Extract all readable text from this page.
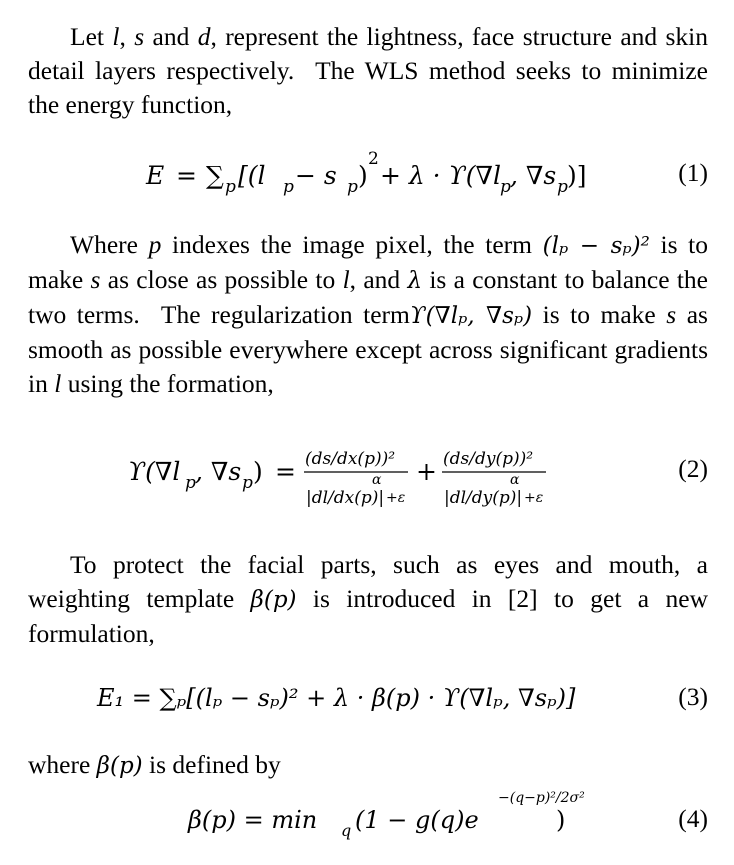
Let l, s and d, represent the lightness, face structure and skin detail layers respectively.  The WLS method seeks to minimize the energy function,

E = ∑ p [(l p − s p )
2
+ λ · ϒ(∇l p , ∇s p )]	(1)

Where p indexes the image pixel, the term (lₚ − sₚ)² is to make s as close as possible to l, and λ is a constant to balance the two terms.  The regularization termϒ(∇lₚ, ∇sₚ) is to make s as smooth as possible everywhere except across significant gradients in l using the formation,

ϒ(∇l p , ∇s p ) = (ds/dx(p))²
|dl/dx(p)|
α
+ε
+ (ds/dy(p))²
|dl/dy(p)|
α
+ε
(2)

To protect the facial parts, such as eyes and mouth, a weighting template β(p) is introduced in [2] to get a new formulation,

E₁ = ∑ₚ[(lₚ − sₚ)² + λ · β(p) · ϒ(∇lₚ, ∇sₚ)]	(3)

where β(p) is defined by

β(p) = min q (1 − g(q)e
−(q−p)²/2σ²
)	(4)
